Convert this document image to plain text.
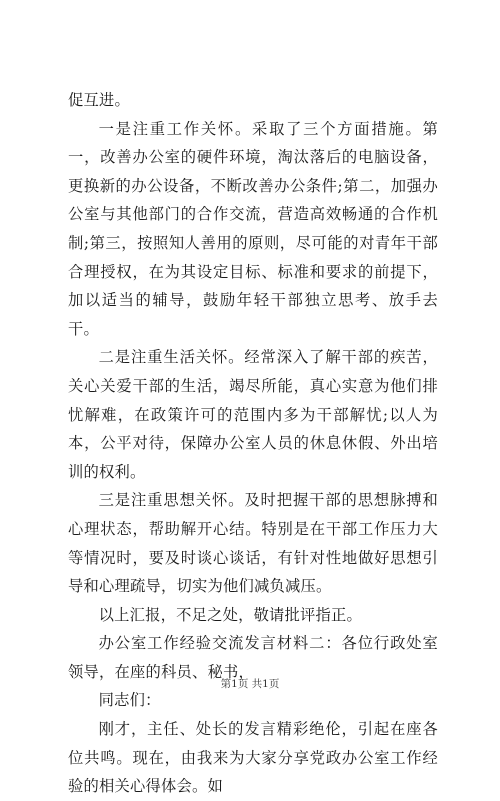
促互进。

一是注重工作关怀。采取了三个方面措施。第一，改善办公室的硬件环境，淘汰落后的电脑设备，更换新的办公设备，不断改善办公条件;第二，加强办公室与其他部门的合作交流，营造高效畅通的合作机制;第三，按照知人善用的原则，尽可能的对青年干部合理授权，在为其设定目标、标准和要求的前提下，加以适当的辅导，鼓励年轻干部独立思考、放手去干。

二是注重生活关怀。经常深入了解干部的疾苦，关心关爱干部的生活，竭尽所能，真心实意为他们排忧解难，在政策许可的范围内多为干部解忧;以人为本，公平对待，保障办公室人员的休息休假、外出培训的权利。

三是注重思想关怀。及时把握干部的思想脉搏和心理状态，帮助解开心结。特别是在干部工作压力大等情况时，要及时谈心谈话，有针对性地做好思想引导和心理疏导，切实为他们减负减压。

以上汇报，不足之处，敬请批评指正。

办公室工作经验交流发言材料二：各位行政处室领导，在座的科员、秘书，

同志们：

刚才，主任、处长的发言精彩绝伦，引起在座各位共鸣。现在，由我来为大家分享党政办公室工作经验的相关心得体会。如

第1页 共1页
